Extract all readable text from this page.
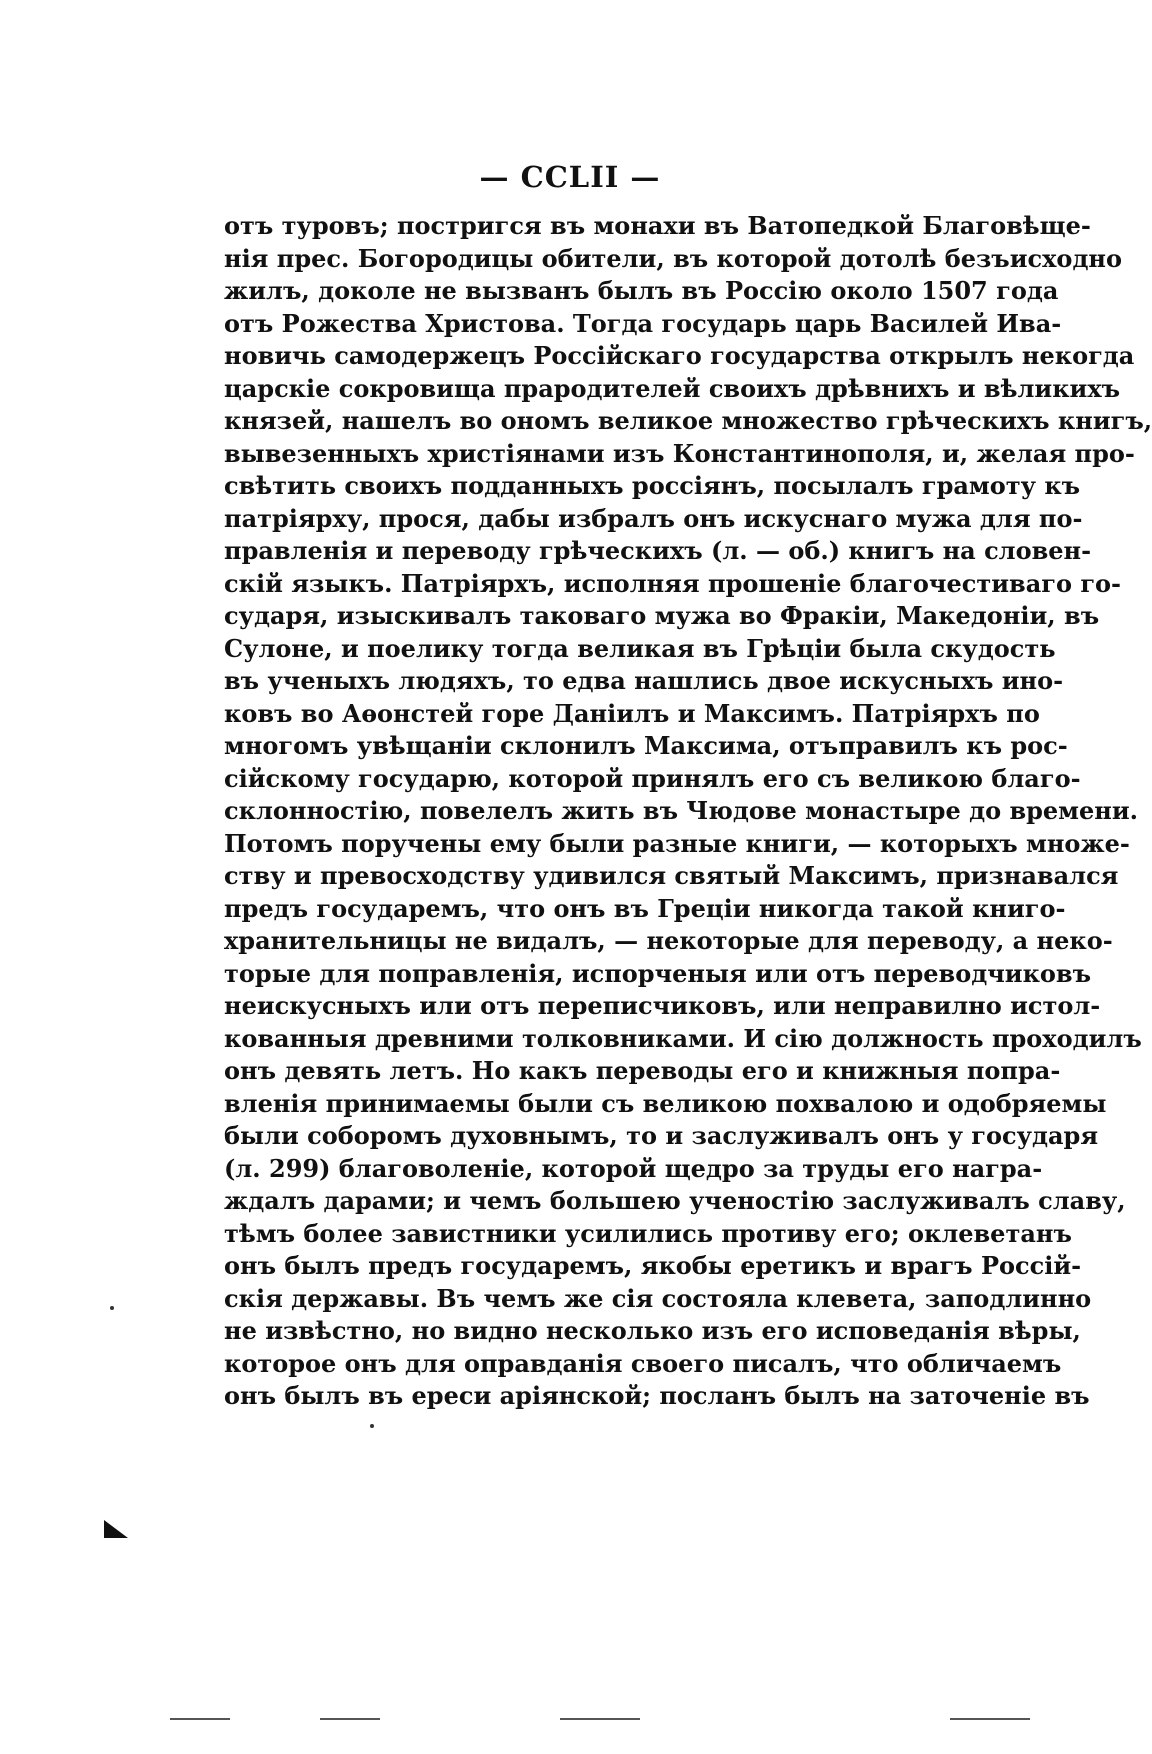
— CCLII —
отъ туровъ; постригся въ монахи въ Ватопедкой Благовѣще-
нія прес. Богородицы обители, въ которой дотолѣ безъисходно
жилъ, доколе не вызванъ былъ въ Россію около 1507 года
отъ Рожества Христова. Тогда государь царь Василей Ива-
новичь самодержецъ Россійскаго государства открылъ некогда
царскіе сокровища прародителей своихъ дрѣвнихъ и вѣликихъ
князей, нашелъ во ономъ великое множество грѣческихъ книгъ,
вывезенныхъ христіянами изъ Константинополя, и, желая про-
свѣтить своихъ подданныхъ россіянъ, посылалъ грамоту къ
патріярху, прося, дабы избралъ онъ искуснаго мужа для по-
правленія и переводу грѣческихъ (л. — об.) книгъ на словен-
скій языкъ. Патріярхъ, исполняя прошеніе благочестиваго го-
сударя, изыскивалъ таковаго мужа во Фракіи, Македоніи, въ
Сулоне, и поелику тогда великая въ Грѣціи была скудость
въ ученыхъ людяхъ, то едва нашлись двое искусныхъ ино-
ковъ во Аѳонстей горе Даніилъ и Максимъ. Патріярхъ по
многомъ увѣщаніи склонилъ Максима, отъправилъ къ рос-
сійскому государю, которой принялъ его съ великою благо-
склонностію, повелелъ жить въ Чюдове монастыре до времени.
Потомъ поручены ему были разные книги, — которыхъ множе-
ству и превосходству удивился святый Максимъ, признавался
предъ государемъ, что онъ въ Греціи никогда такой книго-
хранительницы не видалъ, — некоторые для переводу, а неко-
торые для поправленія, испорченыя или отъ переводчиковъ
неискусныхъ или отъ переписчиковъ, или неправилно истол-
кованныя древними толковниками. И сію должность проходилъ
онъ девять летъ. Но какъ переводы его и книжныя попра-
вленія принимаемы были съ великою похвалою и одобряемы
были соборомъ духовнымъ, то и заслуживалъ онъ у государя
(л. 299) благоволеніе, которой щедро за труды его награ-
ждалъ дарами; и чемъ большею ученостію заслуживалъ славу,
тѣмъ более завистники усилились противу его; оклеветанъ
онъ былъ предъ государемъ, якобы еретикъ и врагъ Россій-
скія державы. Въ чемъ же сія состояла клевета, заподлинно
не извѣстно, но видно несколько изъ его исповеданія вѣры,
которое онъ для оправданія своего писалъ, что обличаемъ
онъ былъ въ ереси аріянской; посланъ былъ на заточеніе въ
